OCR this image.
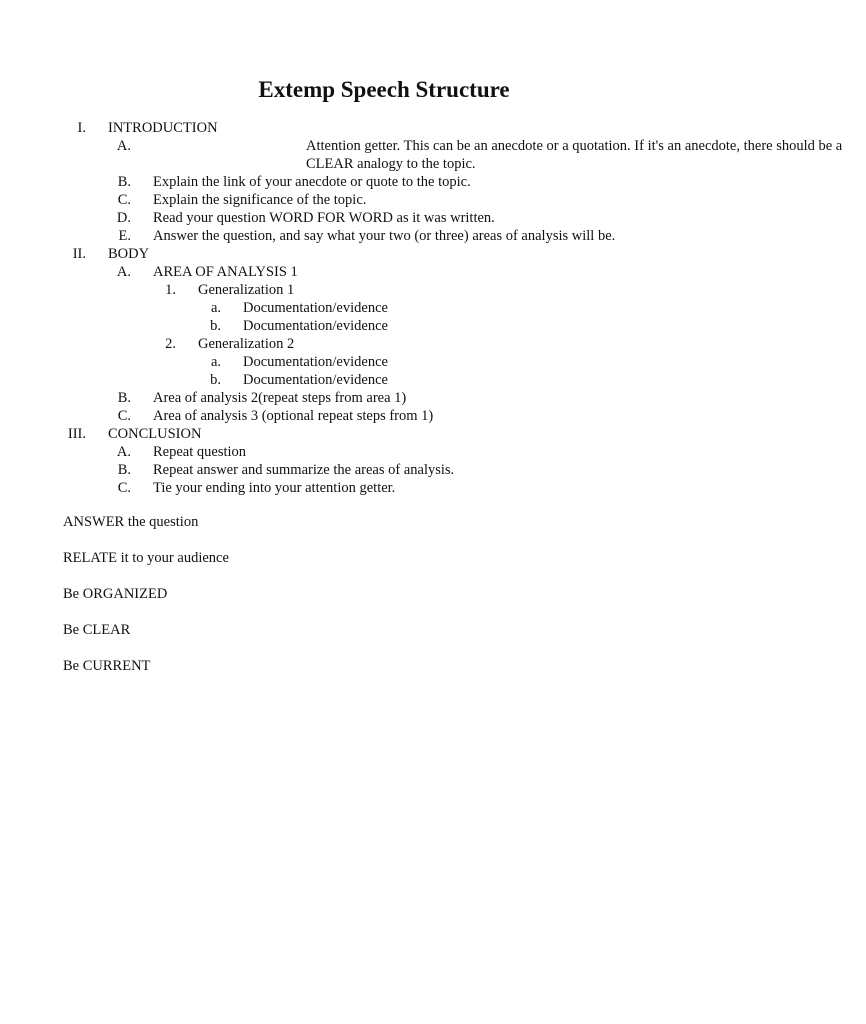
Extemp Speech Structure
I. INTRODUCTION
A.	Attention getter. This can be an anecdote or a quotation. If it's an anecdote, there should be a CLEAR analogy to the topic.
B. Explain the link of your anecdote or quote to the topic.
C. Explain the significance of the topic.
D. Read your question WORD FOR WORD as it was written.
E. Answer the question, and say what your two (or three) areas of analysis will be.
II. BODY
A. AREA OF ANALYSIS 1
1. Generalization 1
a. Documentation/evidence
b. Documentation/evidence
2. Generalization 2
a. Documentation/evidence
b. Documentation/evidence
B. Area of analysis 2(repeat steps from area 1)
C. Area of analysis 3 (optional repeat steps from 1)
III. CONCLUSION
A. Repeat question
B. Repeat answer and summarize the areas of analysis.
C. Tie your ending into your attention getter.
ANSWER the question
RELATE it to your audience
Be ORGANIZED
Be CLEAR
Be CURRENT
